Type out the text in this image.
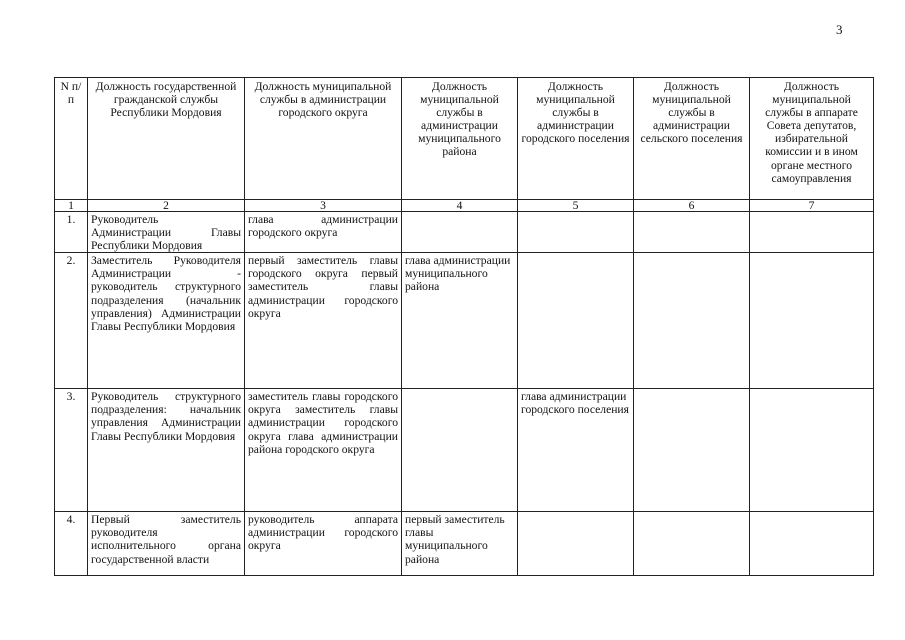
3
N п/п	Должность государственной гражданской службы Республики Мордовия	Должность муниципальной службы в администрации городского округа	Должность муниципальной службы в администрации муниципального района	Должность муниципальной службы в администрации городского поселения	Должность муниципальной службы в администрации сельского поселения	Должность муниципальной службы в аппарате Совета депутатов, избирательной комиссии и в ином органе местного самоуправления
1	2	3	4	5	6	7
1.	Руководитель Администрации Главы Республики Мордовия	глава администрации городского округа				
2.	Заместитель Руководителя Администрации - руководитель структурного подразделения (начальник управления) Администрации Главы Республики Мордовия	первый заместитель главы городского округа первый заместитель главы администрации городского округа	глава администрации муниципального района			
3.	Руководитель структурного подразделения: начальник управления Администрации Главы Республики Мордовия	заместитель главы городского округа заместитель главы администрации городского округа глава администрации района городского округа		глава администрации городского поселения		
4.	Первый заместитель руководителя исполнительного органа государственной власти	руководитель аппарата администрации городского округа	первый заместитель главы муниципального района			
